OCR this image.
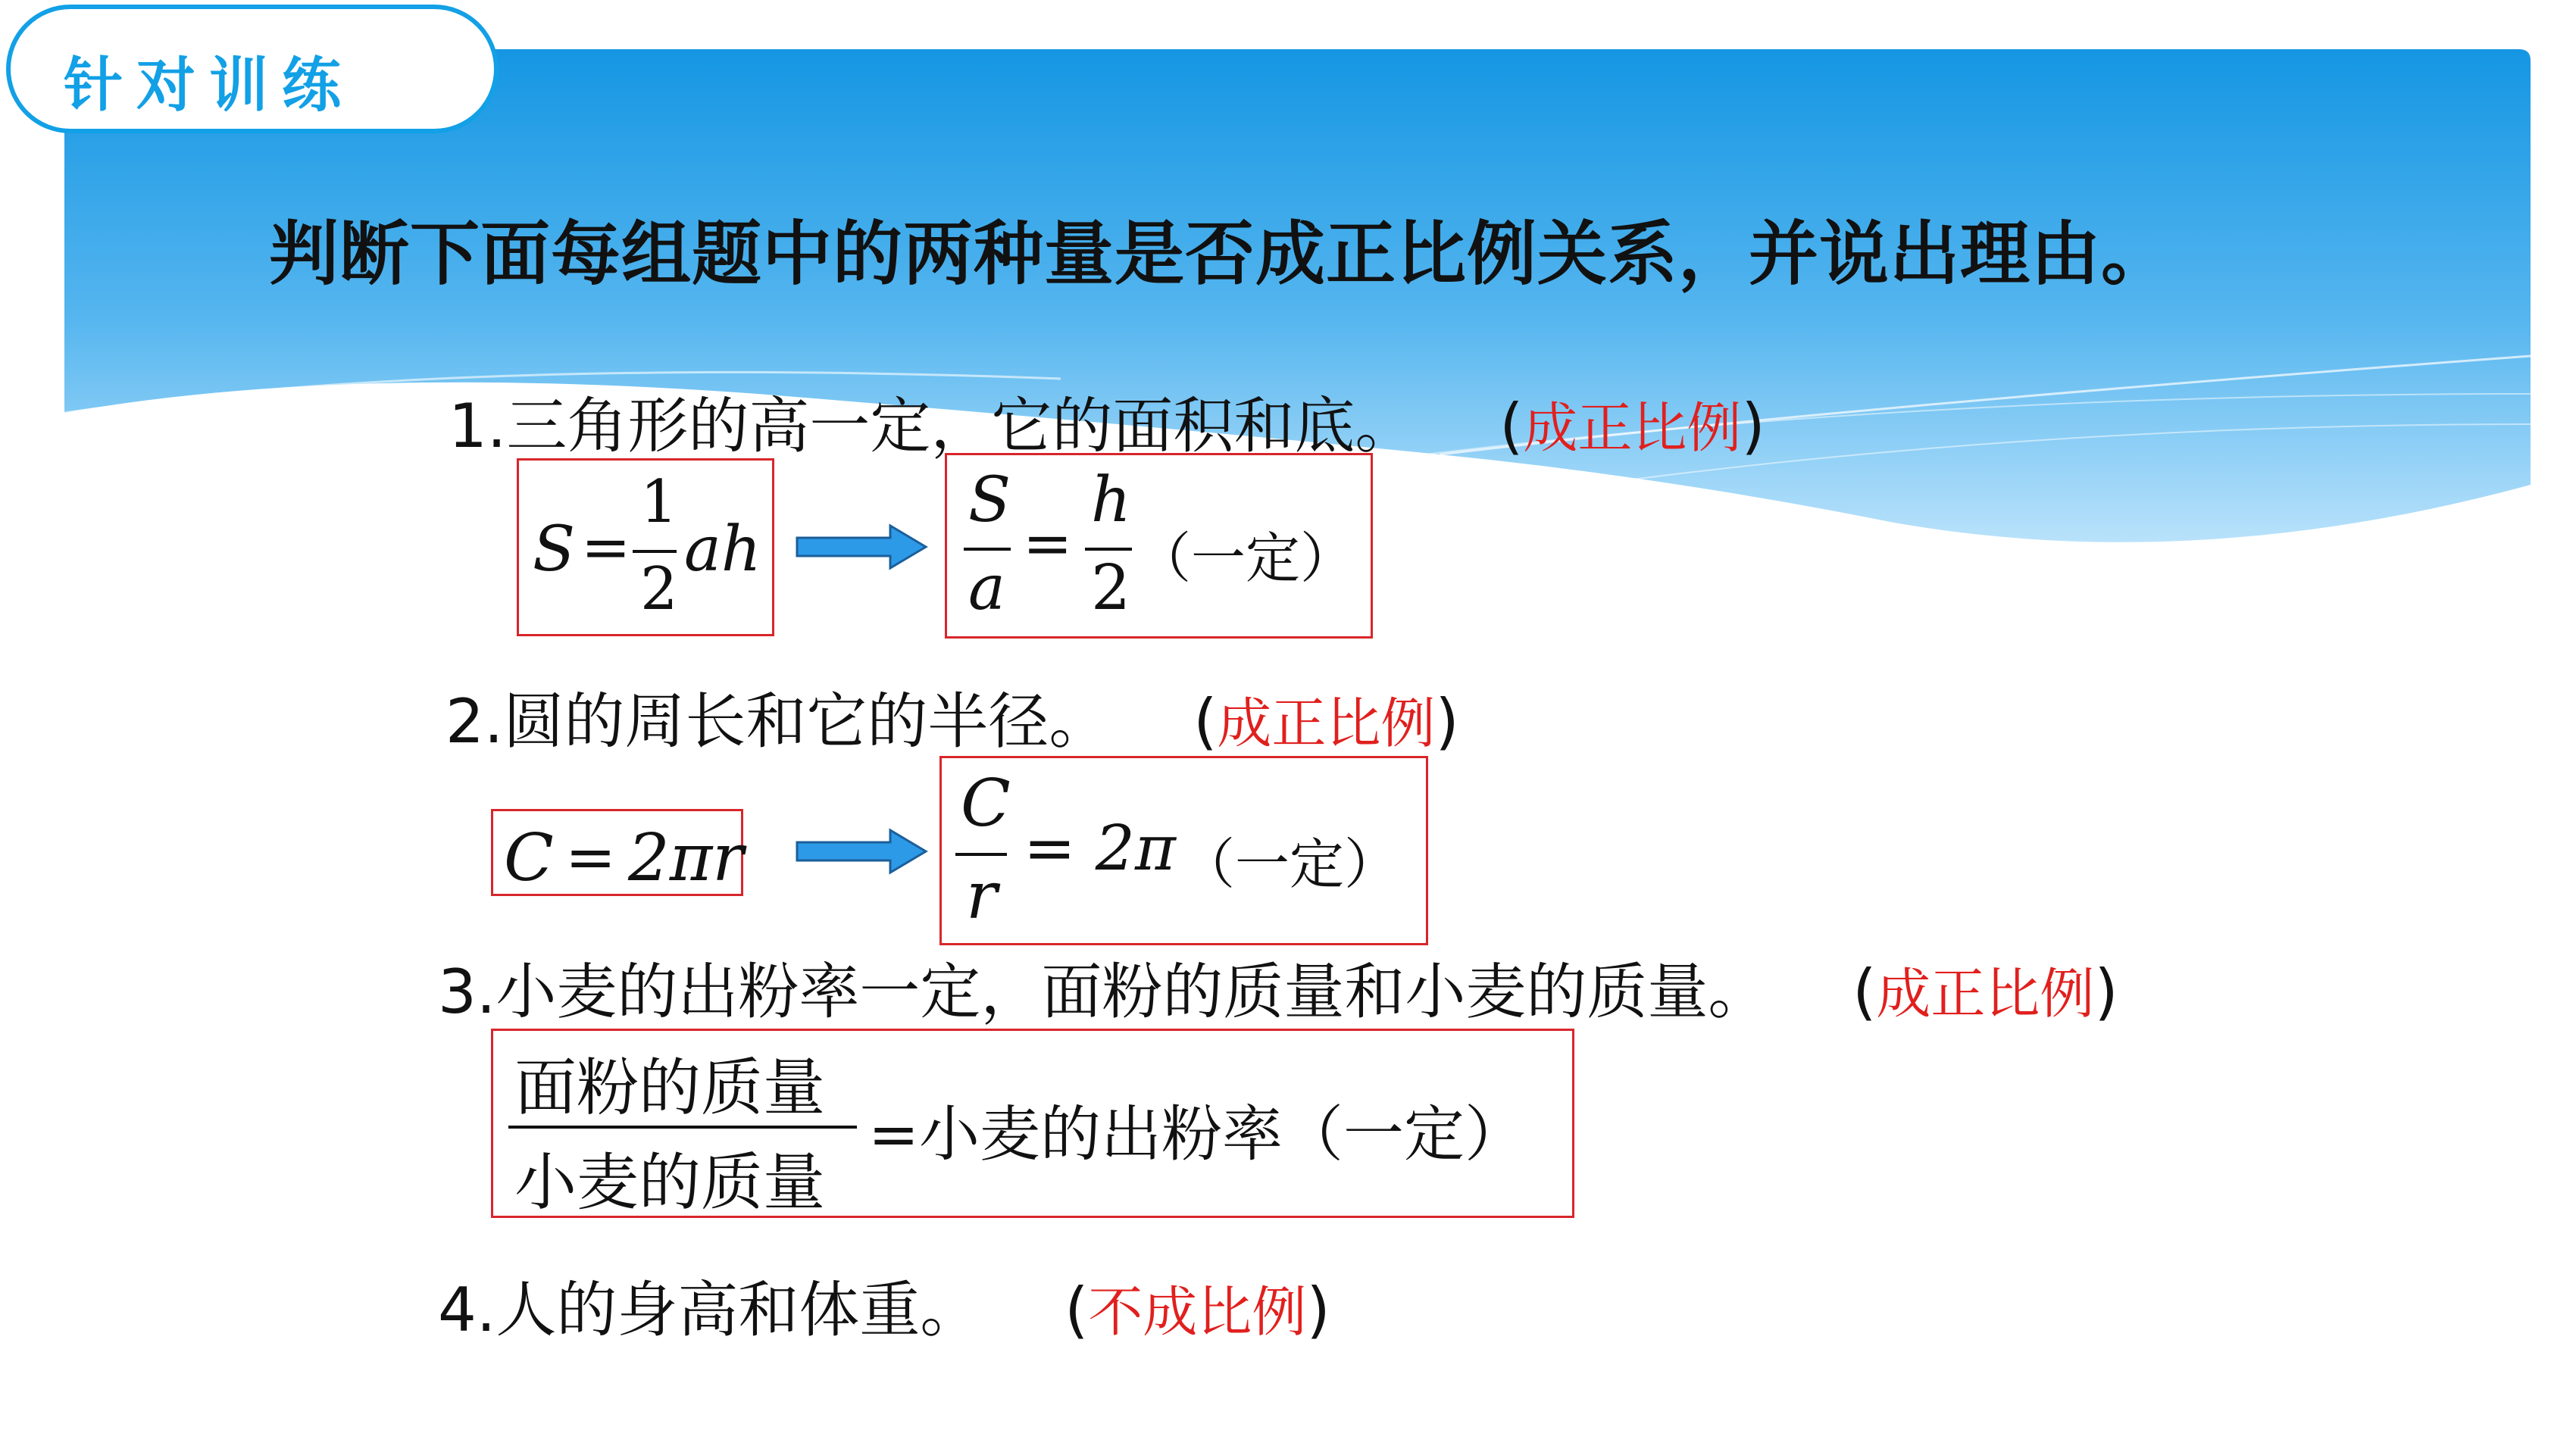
针对训练
判断下面每组题中的两种量是否成正比例关系，并说出理由。
1.三角形的高一定，它的面积和底。 (成正比例)
S =
1
2
ah
S
a
=
h
2 （一定）
2.圆的周长和它的半径。 (成正比例)
C = 2πr
C
r
= 2π （一定）
3.小麦的出粉率一定，面粉的质量和小麦的质量。 (成正比例)
面粉的质量
小麦的质量
=小麦的出粉率（一定）
4.人的身高和体重。 (不成比例)
